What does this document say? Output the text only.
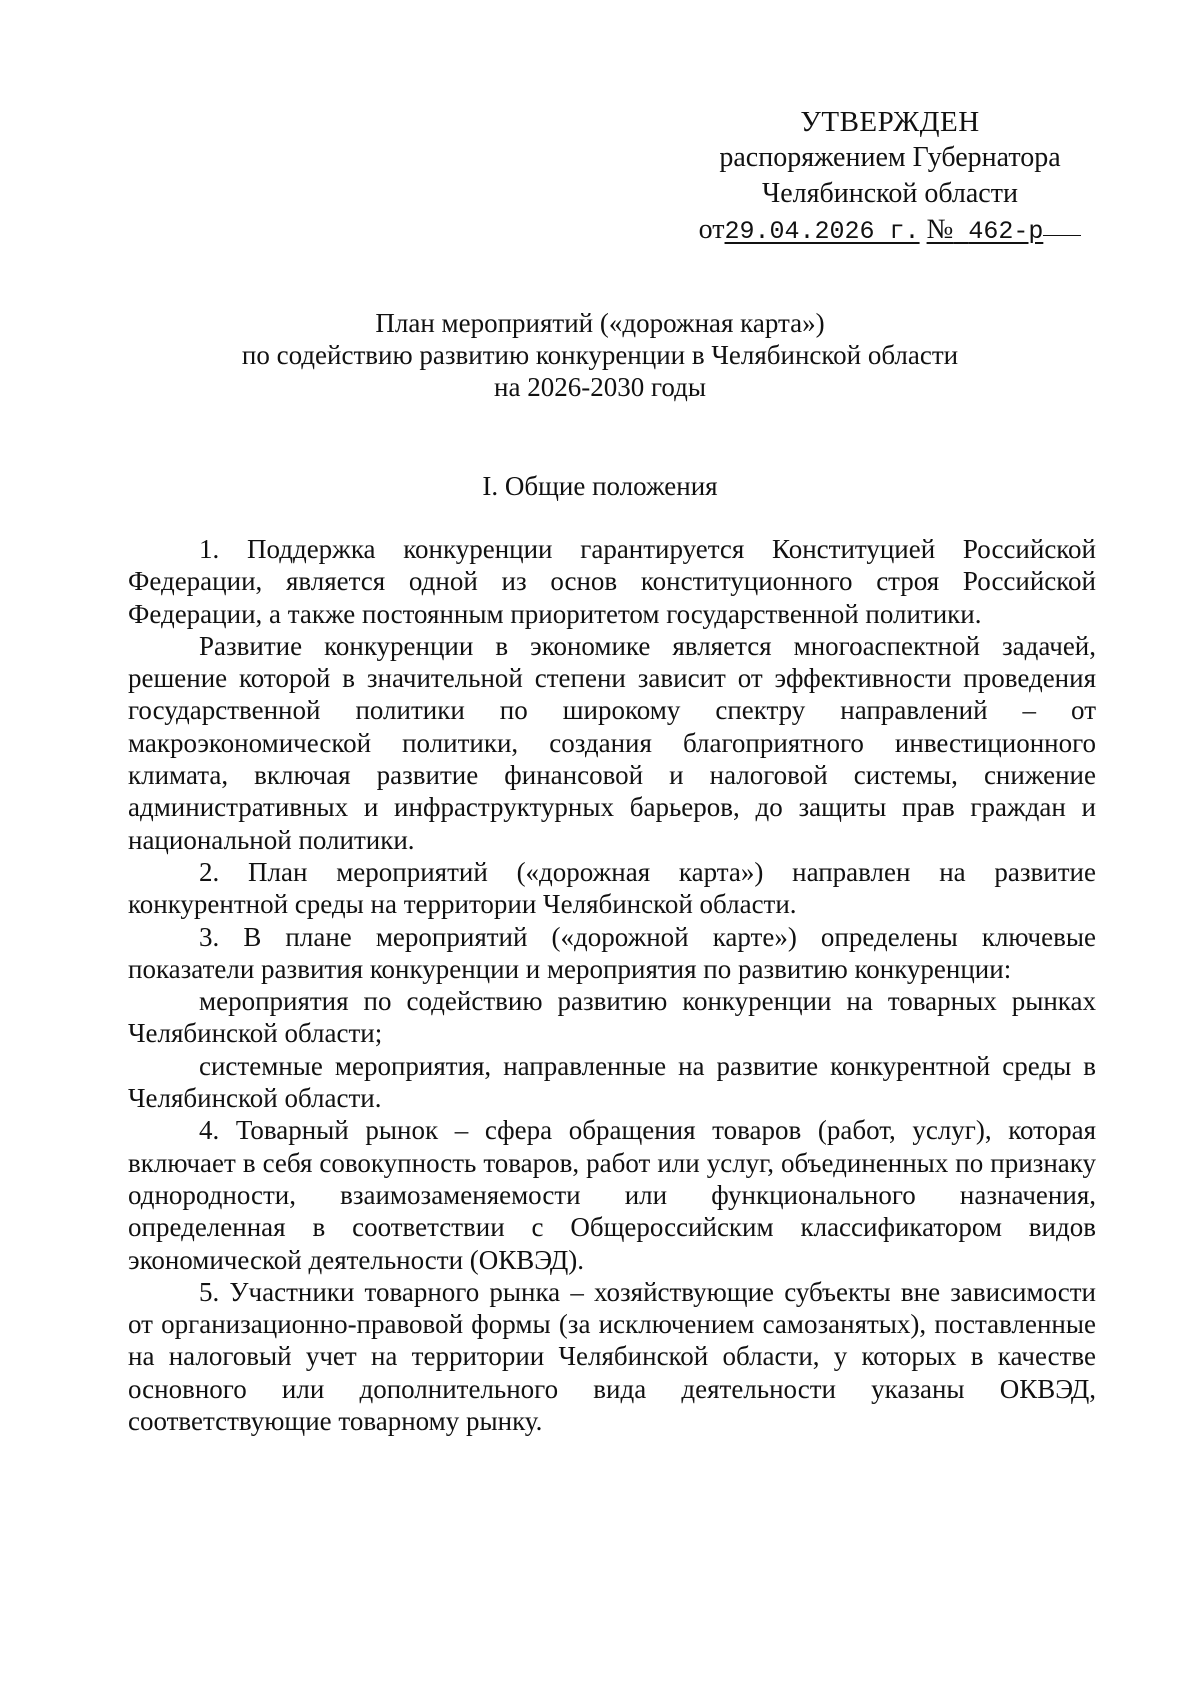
УТВЕРЖДЕН
распоряжением Губернатора
Челябинской области
от29.04.2026 г. № 462-р
План мероприятий («дорожная карта»)
по содействию развитию конкуренции в Челябинской области
на 2026-2030 годы
I. Общие положения

1. Поддержка конкуренции гарантируется Конституцией Российской Федерации, является одной из основ конституционного строя Российской Федерации, а также постоянным приоритетом государственной политики.

Развитие конкуренции в экономике является многоаспектной задачей, решение которой в значительной степени зависит от эффективности проведения государственной политики по широкому спектру направлений – от макроэкономической политики, создания благоприятного инвестиционного климата, включая развитие финансовой и налоговой системы, снижение административных и инфраструктурных барьеров, до защиты прав граждан и национальной политики.

2. План мероприятий («дорожная карта») направлен на развитие конкурентной среды на территории Челябинской области.

3. В плане мероприятий («дорожной карте») определены ключевые показатели развития конкуренции и мероприятия по развитию конкуренции:

мероприятия по содействию развитию конкуренции на товарных рынках Челябинской области;

системные мероприятия, направленные на развитие конкурентной среды в Челябинской области.

4. Товарный рынок – сфера обращения товаров (работ, услуг), которая включает в себя совокупность товаров, работ или услуг, объединенных по признаку однородности, взаимозаменяемости или функционального назначения, определенная в соответствии с Общероссийским классификатором видов экономической деятельности (ОКВЭД).

5. Участники товарного рынка – хозяйствующие субъекты вне зависимости от организационно-правовой формы (за исключением самозанятых), поставленные на налоговый учет на территории Челябинской области, у которых в качестве основного или дополнительного вида деятельности указаны ОКВЭД, соответствующие товарному рынку.
